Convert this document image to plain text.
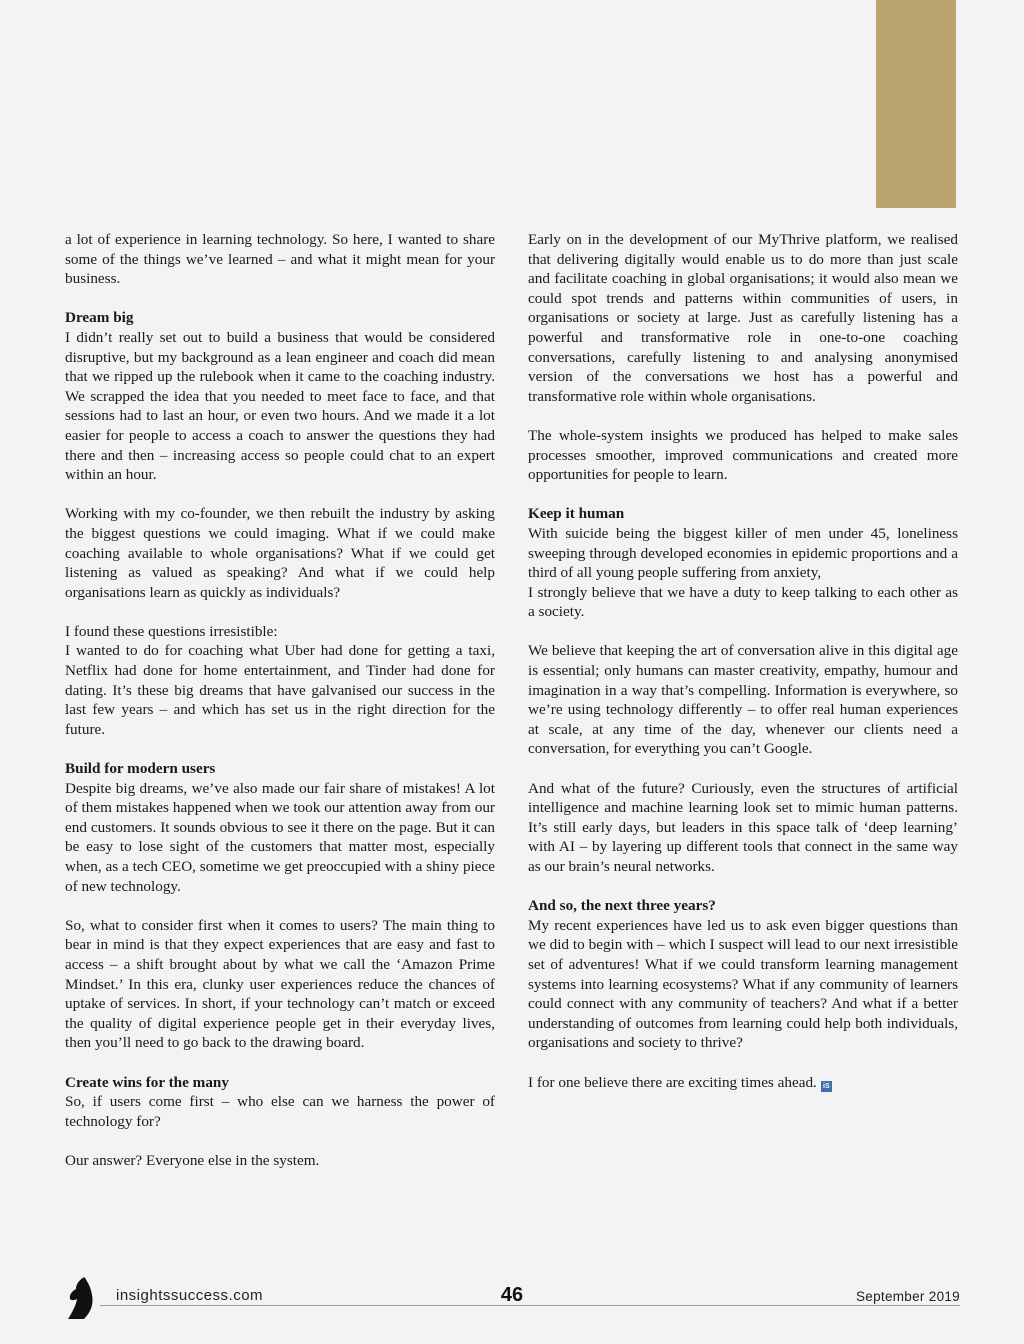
a lot of experience in learning technology. So here, I wanted to share some of the things we’ve learned – and what it might mean for your business.

Dream big

I didn’t really set out to build a business that would be considered disruptive, but my background as a lean engineer and coach did mean that we ripped up the rulebook when it came to the coaching industry. We scrapped the idea that you needed to meet face to face, and that sessions had to last an hour, or even two hours. And we made it a lot easier for people to access a coach to answer the questions they had there and then – increasing access so people could chat to an expert within an hour.

Working with my co-founder, we then rebuilt the industry by asking the biggest questions we could imaging. What if we could make coaching available to whole organisations? What if we could get listening as valued as speaking? And what if we could help organisations learn as quickly as individuals?

I found these questions irresistible:

I wanted to do for coaching what Uber had done for getting a taxi, Netflix had done for home entertainment, and Tinder had done for dating. It’s these big dreams that have galvanised our success in the last few years – and which has set us in the right direction for the future.

Build for modern users

Despite big dreams, we’ve also made our fair share of mistakes! A lot of them mistakes happened when we took our attention away from our end customers. It sounds obvious to see it there on the page. But it can be easy to lose sight of the customers that matter most, especially when, as a tech CEO, sometime we get preoccupied with a shiny piece of new technology.

So, what to consider first when it comes to users? The main thing to bear in mind is that they expect experiences that are easy and fast to access – a shift brought about by what we call the ‘Amazon Prime Mindset.’ In this era, clunky user experiences reduce the chances of uptake of services. In short, if your technology can’t match or exceed the quality of digital experience people get in their everyday lives, then you’ll need to go back to the drawing board.

Create wins for the many

So, if users come first – who else can we harness the power of technology for?

Our answer? Everyone else in the system.

Early on in the development of our MyThrive platform, we realised that delivering digitally would enable us to do more than just scale and facilitate coaching in global organisations; it would also mean we could spot trends and patterns within communities of users, in organisations or society at large. Just as carefully listening has a powerful and transformative role in one-to-one coaching conversations, carefully listening to and analysing anonymised version of the conversations we host has a powerful and transformative role within whole organisations.

The whole-system insights we produced has helped to make sales processes smoother, improved communications and created more opportunities for people to learn.

Keep it human

With suicide being the biggest killer of men under 45, loneliness sweeping through developed economies in epidemic proportions and a third of all young people suffering from anxiety,

I strongly believe that we have a duty to keep talking to each other as a society.

We believe that keeping the art of conversation alive in this digital age is essential; only humans can master creativity, empathy, humour and imagination in a way that’s compelling. Information is everywhere, so we’re using technology differently – to offer real human experiences at scale, at any time of the day, whenever our clients need a conversation, for everything you can’t Google.

And what of the future? Curiously, even the structures of artificial intelligence and machine learning look set to mimic human patterns. It’s still early days, but leaders in this space talk of ‘deep learning’ with AI – by layering up different tools that connect in the same way as our brain’s neural networks.

And so, the next three years?

My recent experiences have led us to ask even bigger questions than we did to begin with – which I suspect will lead to our next irresistible set of adventures! What if we could transform learning management systems into learning ecosystems? What if any community of learners could connect with any community of teachers? And what if a better understanding of outcomes from learning could help both individuals, organisations and society to thrive?

I for one believe there are exciting times ahead. iS

insightssuccess.com	46	September 2019
